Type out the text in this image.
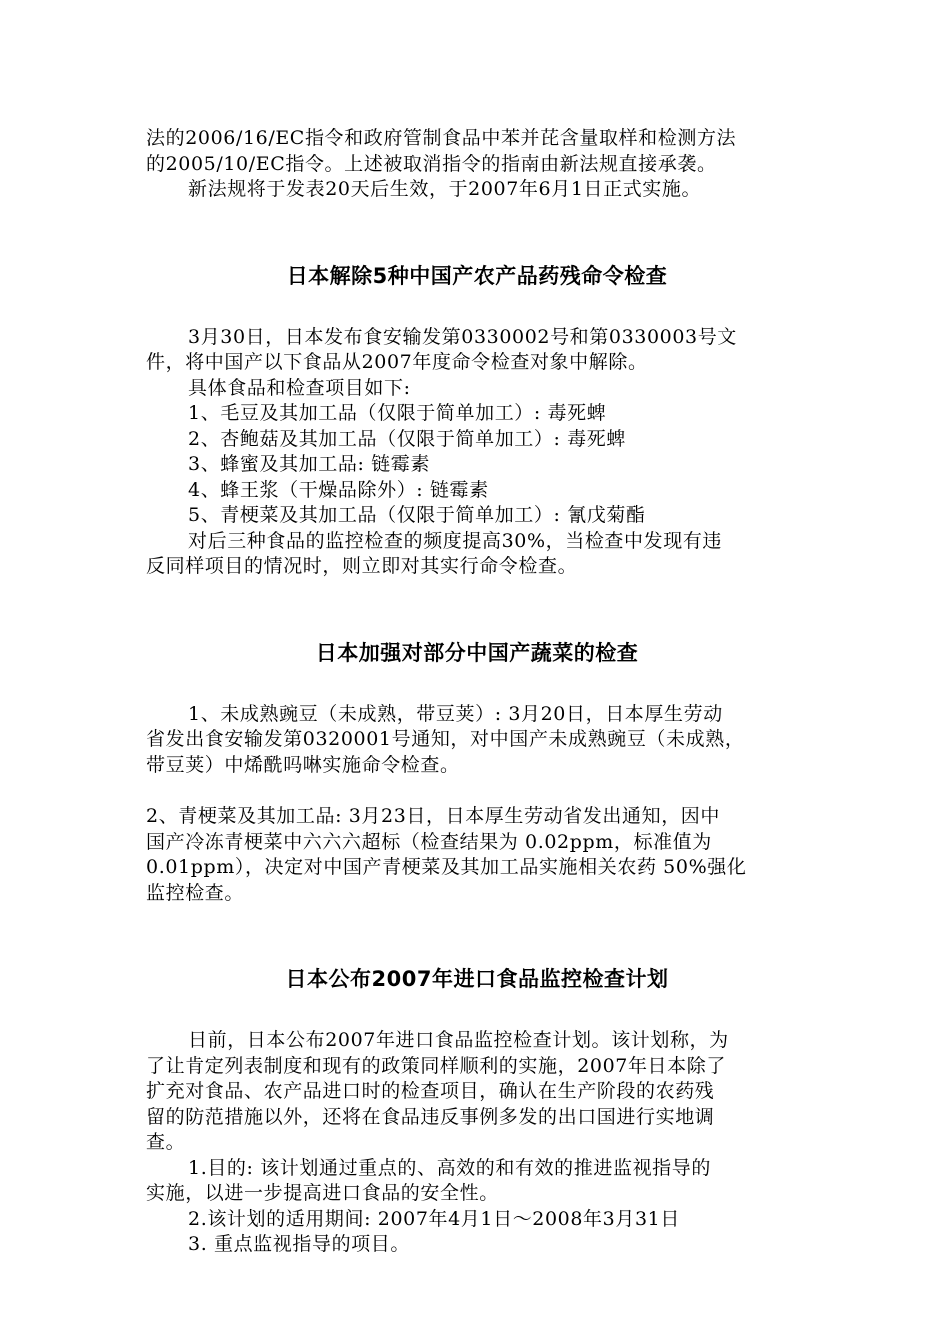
法的2006/16/EC指令和政府管制食品中苯并芘含量取样和检测方法
的2005/10/EC指令。上述被取消指令的指南由新法规直接承袭。
新法规将于发表20天后生效，于2007年6月1日正式实施。
日本解除5种中国产农产品药残命令检查
3月30日，日本发布食安输发第0330002号和第0330003号文
件，将中国产以下食品从2007年度命令检查对象中解除。
具体食品和检查项目如下:
1、毛豆及其加工品（仅限于简单加工）: 毒死蜱
2、杏鲍菇及其加工品（仅限于简单加工）: 毒死蜱
3、蜂蜜及其加工品: 链霉素
4、蜂王浆（干燥品除外）: 链霉素
5、青梗菜及其加工品（仅限于简单加工）: 氰戊菊酯
对后三种食品的监控检查的频度提高30%，当检查中发现有违
反同样项目的情况时，则立即对其实行命令检查。
日本加强对部分中国产蔬菜的检查
1、未成熟豌豆（未成熟，带豆荚）: 3月20日，日本厚生劳动
省发出食安输发第0320001号通知，对中国产未成熟豌豆（未成熟，
带豆荚）中烯酰吗啉实施命令检查。
2、青梗菜及其加工品: 3月23日，日本厚生劳动省发出通知，因中
国产冷冻青梗菜中六六六超标（检查结果为 0.02ppm，标准值为
0.01ppm），决定对中国产青梗菜及其加工品实施相关农药 50%强化
监控检查。
日本公布2007年进口食品监控检查计划
日前，日本公布2007年进口食品监控检查计划。该计划称，为
了让肯定列表制度和现有的政策同样顺利的实施，2007年日本除了
扩充对食品、农产品进口时的检查项目，确认在生产阶段的农药残
留的防范措施以外，还将在食品违反事例多发的出口国进行实地调
查。
1.目的: 该计划通过重点的、高效的和有效的推进监视指导的
实施，以进一步提高进口食品的安全性。
2.该计划的适用期间: 2007年4月1日～2008年3月31日
3. 重点监视指导的项目。
